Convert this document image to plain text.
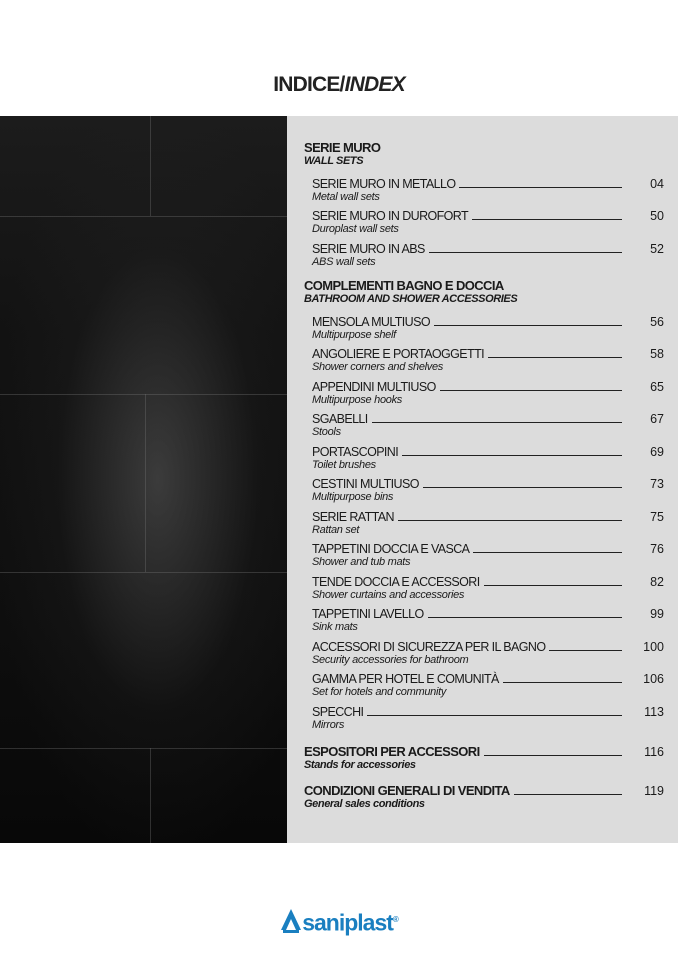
INDICE/INDEX
SERIE MURO
WALL SETS
SERIE MURO IN METALLO	04
Metal wall sets
SERIE MURO IN DUROFORT	50
Duroplast wall sets
SERIE MURO IN ABS	52
ABS wall sets
COMPLEMENTI BAGNO E DOCCIA
BATHROOM AND SHOWER ACCESSORIES
MENSOLA MULTIUSO	56
Multipurpose shelf
ANGOLIERE E PORTAOGGETTI	58
Shower corners and shelves
APPENDINI MULTIUSO	65
Multipurpose hooks
SGABELLI	67
Stools
PORTASCOPINI	69
Toilet brushes
CESTINI MULTIUSO	73
Multipurpose bins
SERIE RATTAN	75
Rattan set
TAPPETINI DOCCIA E VASCA	76
Shower and tub mats
TENDE DOCCIA E ACCESSORI	82
Shower curtains and accessories
TAPPETINI LAVELLO	99
Sink mats
ACCESSORI DI SICUREZZA PER IL BAGNO	100
Security accessories for bathroom
GAMMA PER HOTEL E COMUNITÀ	106
Set for hotels and community
SPECCHI	113
Mirrors
ESPOSITORI PER ACCESSORI	116
Stands for accessories
CONDIZIONI GENERALI DI VENDITA	119
General sales conditions
saniplast®
